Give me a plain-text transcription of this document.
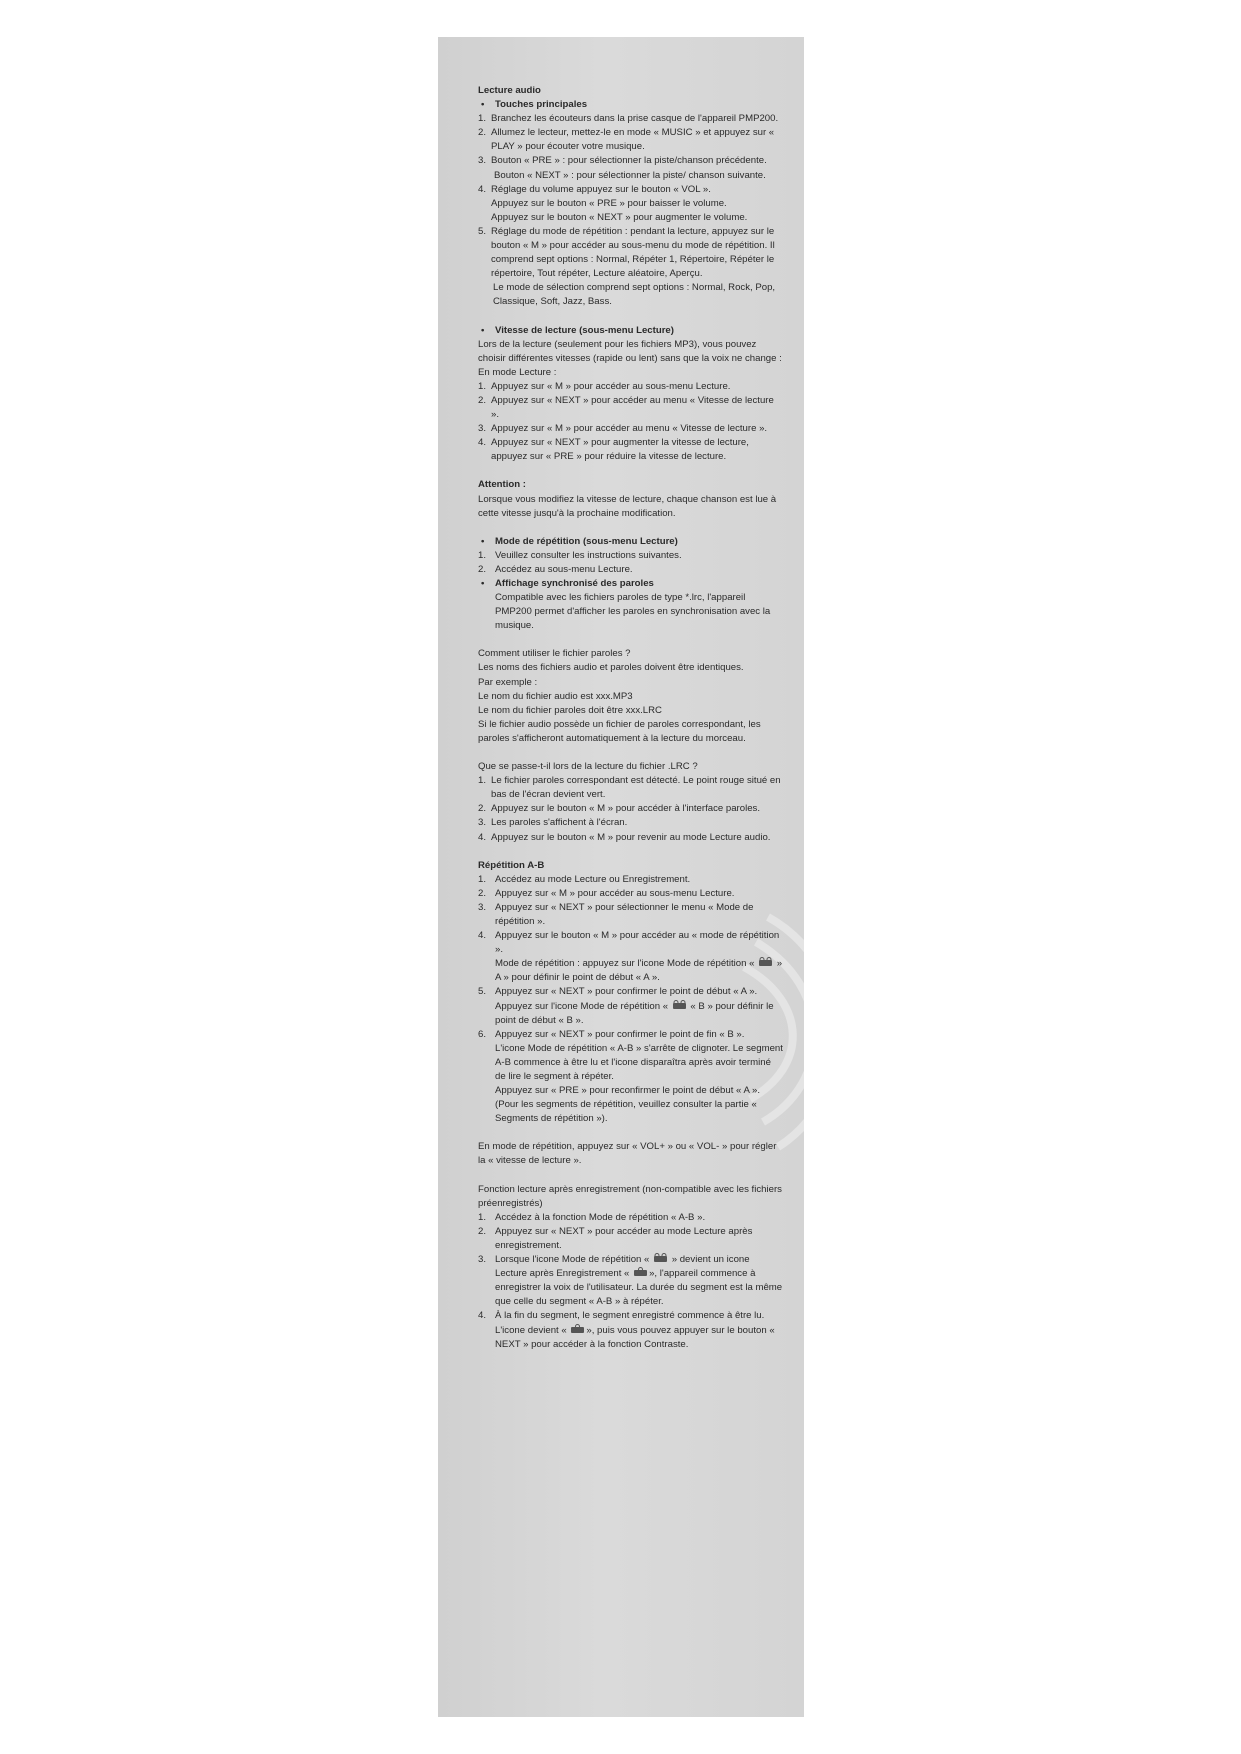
Lecture audio
• Touches principales
1. Branchez les écouteurs dans la prise casque de l'appareil PMP200.
2. Allumez le lecteur, mettez-le en mode « MUSIC » et appuyez sur « PLAY » pour écouter votre musique.
3. Bouton « PRE » : pour sélectionner la piste/chanson précédente.
Bouton « NEXT » : pour sélectionner la piste/ chanson suivante.
4. Réglage du volume appuyez sur le bouton « VOL ».
Appuyez sur le bouton « PRE » pour baisser le volume.
Appuyez sur le bouton « NEXT » pour augmenter le volume.
5. Réglage du mode de répétition : pendant la lecture, appuyez sur le bouton « M » pour accéder au sous-menu du mode de répétition. Il comprend sept options : Normal, Répéter 1, Répertoire, Répéter le répertoire, Tout répéter, Lecture aléatoire, Aperçu.
Le mode de sélection comprend sept options : Normal, Rock, Pop, Classique, Soft, Jazz, Bass.
• Vitesse de lecture (sous-menu Lecture)

Lors de la lecture (seulement pour les fichiers MP3), vous pouvez choisir différentes vitesses (rapide ou lent) sans que la voix ne change :

En mode Lecture :

1. Appuyez sur « M » pour accéder au sous-menu Lecture.
2. Appuyez sur « NEXT » pour accéder au menu « Vitesse de lecture ».
3. Appuyez sur « M » pour accéder au menu « Vitesse de lecture ».
4. Appuyez sur « NEXT » pour augmenter la vitesse de lecture, appuyez sur « PRE » pour réduire la vitesse de lecture.
Attention :

Lorsque vous modifiez la vitesse de lecture, chaque chanson est lue à cette vitesse jusqu'à la prochaine modification.

• Mode de répétition (sous-menu Lecture)
1. Veuillez consulter les instructions suivantes.
2. Accédez au sous-menu Lecture.
• Affichage synchronisé des paroles

Compatible avec les fichiers paroles de type *.lrc, l'appareil PMP200 permet d'afficher les paroles en synchronisation avec la musique.

Comment utiliser le fichier paroles ?

Les noms des fichiers audio et paroles doivent être identiques.

Par exemple :

Le nom du fichier audio est xxx.MP3

Le nom du fichier paroles doit être xxx.LRC

Si le fichier audio possède un fichier de paroles correspondant, les paroles s'afficheront automatiquement à la lecture du morceau.

Que se passe-t-il lors de la lecture du fichier .LRC ?

1. Le fichier paroles correspondant est détecté. Le point rouge situé en bas de l'écran devient vert.
2. Appuyez sur le bouton « M » pour accéder à l'interface paroles.
3. Les paroles s'affichent à l'écran.
4. Appuyez sur le bouton « M » pour revenir au mode Lecture audio.
Répétition A-B
1. Accédez au mode Lecture ou Enregistrement.
2. Appuyez sur « M » pour accéder au sous-menu Lecture.
3. Appuyez sur « NEXT » pour sélectionner le menu « Mode de répétition ».
4. Appuyez sur le bouton « M » pour accéder au « mode de répétition ».
Mode de répétition : appuyez sur l'icone Mode de répétition « » A » pour définir le point de début « A ».
5. Appuyez sur « NEXT » pour confirmer le point de début « A ».
Appuyez sur l'icone Mode de répétition « « B » pour définir le point de début « B ».
6. Appuyez sur « NEXT » pour confirmer le point de fin « B ».
L'icone Mode de répétition « A-B » s'arrête de clignoter. Le segment A-B commence à être lu et l'icone disparaîtra après avoir terminé de lire le segment à répéter.
Appuyez sur « PRE » pour reconfirmer le point de début « A ». (Pour les segments de répétition, veuillez consulter la partie « Segments de répétition »).

En mode de répétition, appuyez sur « VOL+ » ou « VOL- » pour régler la « vitesse de lecture ».

Fonction lecture après enregistrement (non-compatible avec les fichiers préenregistrés)

1. Accédez à la fonction Mode de répétition « A-B ».
2. Appuyez sur « NEXT » pour accéder au mode Lecture après enregistrement.
3. Lorsque l'icone Mode de répétition « » devient un icone Lecture après Enregistrement « », l'appareil commence à enregistrer la voix de l'utilisateur. La durée du segment est la même que celle du segment « A-B » à répéter.
4. À la fin du segment, le segment enregistré commence à être lu. L'icone devient « », puis vous pouvez appuyer sur le bouton « NEXT » pour accéder à la fonction Contraste.
